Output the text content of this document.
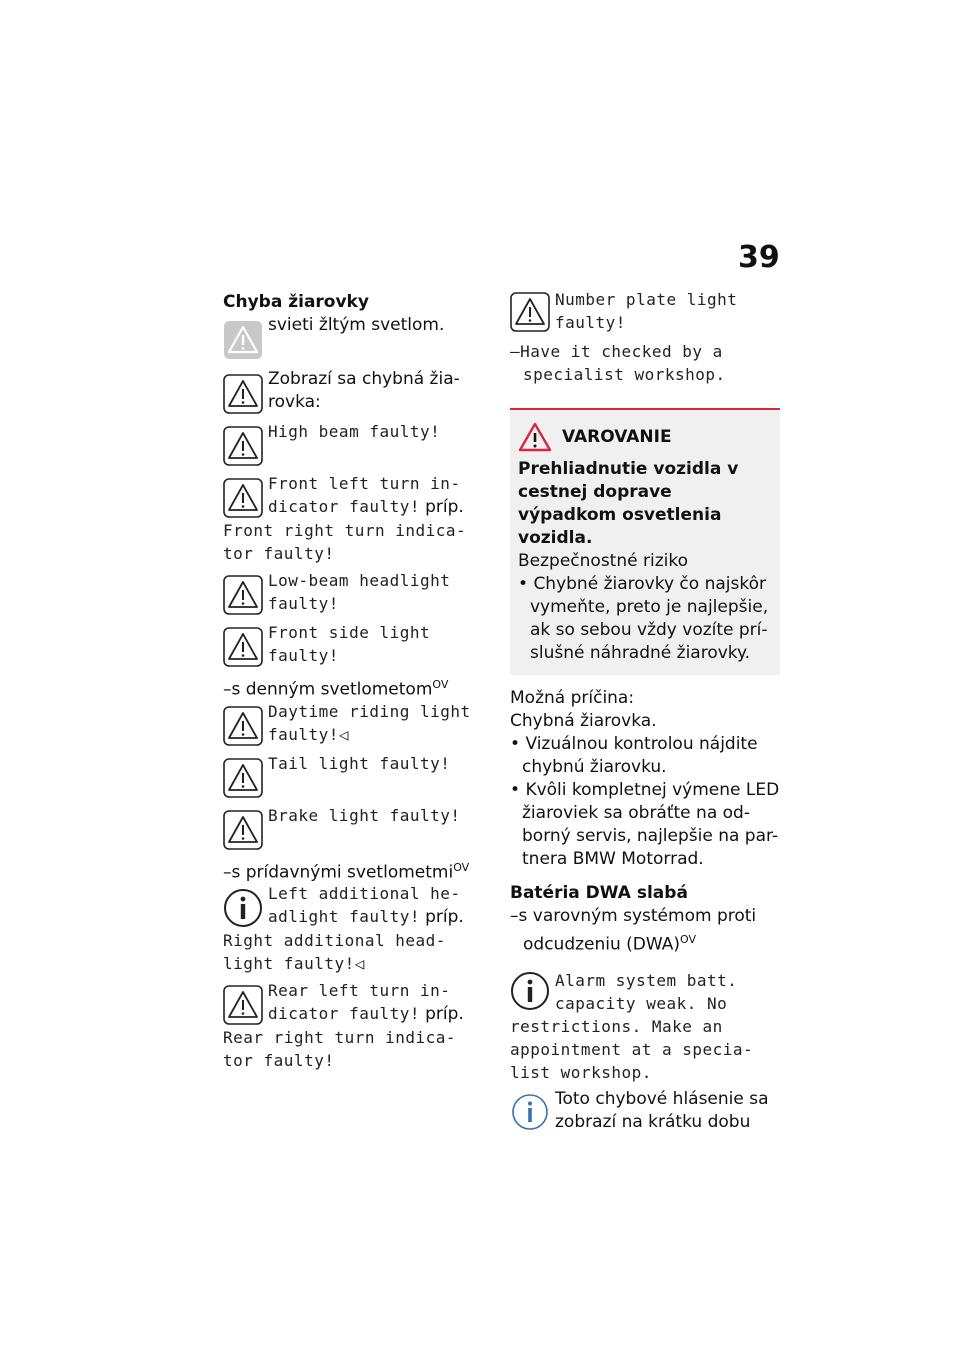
39
Chyba žiarovky
svieti žltým svetlom.
Zobrazí sa chybná žia-rovka:
High beam faulty!
Front left turn in-
dicator faulty! príp.
Front right turn indica-tor faulty!
Low-beam headlight faulty!
Front side light faulty!
–s denným svetlometom$^{OV}$
Daytime riding light faulty!◁
Tail light faulty!
Brake light faulty!
–s prídavnými svetlometmi$^{OV}$
Left additional he-
adlight faulty! príp.
Right additional head-light faulty!◁
Rear left turn in-
dicator faulty! príp.
Rear right turn indica-tor faulty!
Number plate light faulty!
–Have it checked by a specialist workshop.
VAROVANIE
Prehliadnutie vozidla v cestnej doprave výpadkom osvetlenia vozidla.
Bezpečnostné riziko
• Chybné žiarovky čo najskôr vymeňte, preto je najlepšie, ak so sebou vždy vozíte prí-slušné náhradné žiarovky.
Možná príčina:
Chybná žiarovka.
• Vizuálnou kontrolou nájdite chybnú žiarovku.
• Kvôli kompletnej výmene LED žiaroviek sa obráťte na od-borný servis, najlepšie na par-tnera BMW Motorrad.
Batéria DWA slabá
–s varovným systémom proti odcudzeniu (DWA)$^{OV}$
Alarm system batt.
capacity weak. No restrictions. Make an appointment at a specia-list workshop.
Toto chybové hlásenie sa zobrazí na krátku dobu
